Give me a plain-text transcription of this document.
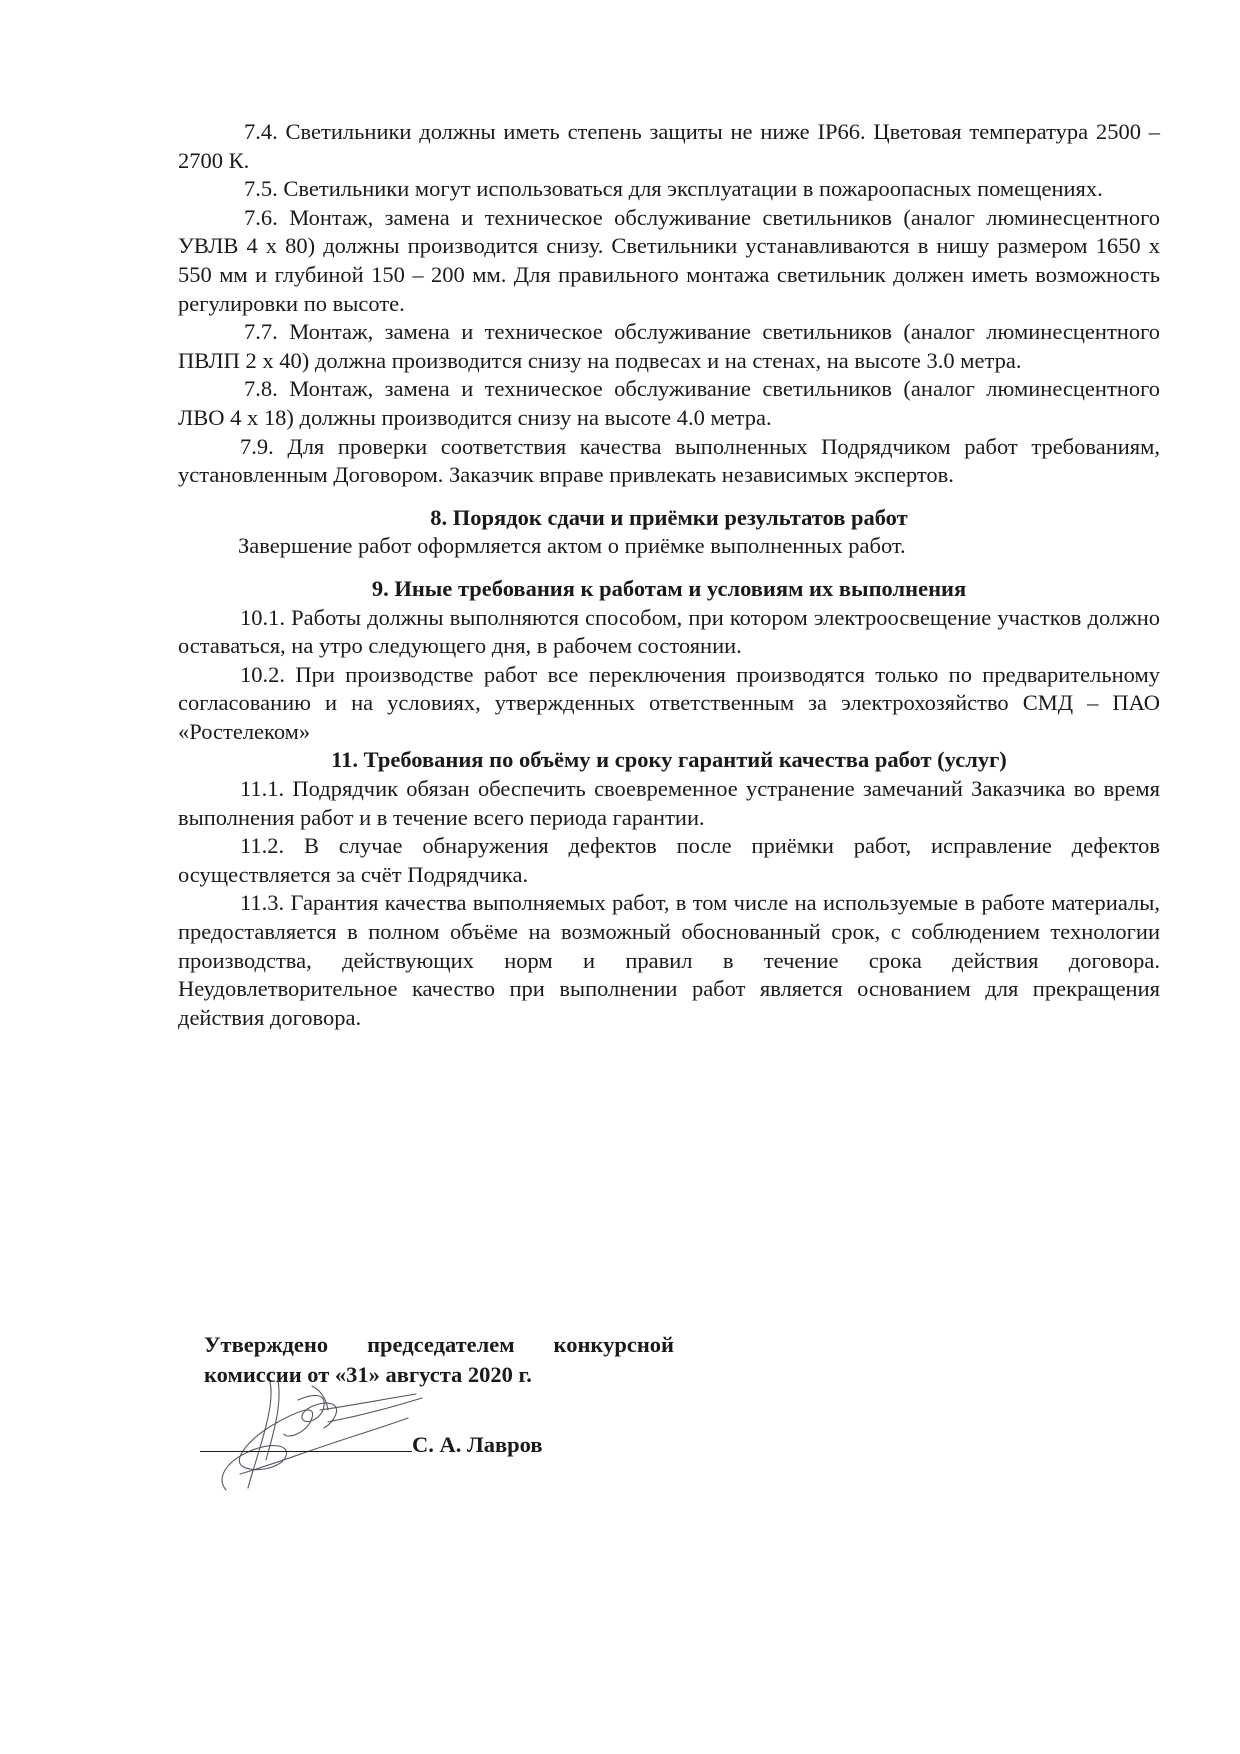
7.4. Светильники должны иметь степень защиты не ниже IP66. Цветовая температура 2500 – 2700 К.

7.5. Светильники могут использоваться для эксплуатации в пожароопасных помещениях.

7.6. Монтаж, замена и техническое обслуживание светильников (аналог люминесцентного УВЛВ 4 х 80) должны производится снизу. Светильники устанавливаются в нишу размером 1650 х 550 мм и глубиной 150 – 200 мм. Для правильного монтажа светильник должен иметь возможность регулировки по высоте.

7.7. Монтаж, замена и техническое обслуживание светильников (аналог люминесцентного ПВЛП 2 х 40) должна производится снизу на подвесах и на стенах, на высоте 3.0 метра.

7.8. Монтаж, замена и техническое обслуживание светильников (аналог люминесцентного ЛВО 4 х 18) должны производится снизу на высоте 4.0 метра.

7.9. Для проверки соответствия качества выполненных Подрядчиком работ требованиям, установленным Договором. Заказчик вправе привлекать независимых экспертов.

8. Порядок сдачи и приёмки результатов работ

Завершение работ оформляется актом о приёмке выполненных работ.

9. Иные требования к работам и условиям их выполнения

10.1. Работы должны выполняются способом, при котором электроосвещение участков должно оставаться, на утро следующего дня, в рабочем состоянии.

10.2. При производстве работ все переключения производятся только по предварительному согласованию и на условиях, утвержденных ответственным за электрохозяйство СМД – ПАО «Ростелеком»

11. Требования по объёму и сроку гарантий качества работ (услуг)

11.1. Подрядчик обязан обеспечить своевременное устранение замечаний Заказчика во время выполнения работ и в течение всего периода гарантии.

11.2. В случае обнаружения дефектов после приёмки работ, исправление дефектов осуществляется за счёт Подрядчика.

11.3. Гарантия качества выполняемых работ, в том числе на используемые в работе материалы, предоставляется в полном объёме на возможный обоснованный срок, с соблюдением технологии производства, действующих норм и правил в течение срока действия договора. Неудовлетворительное качество при выполнении работ является основанием для прекращения действия договора.

Утверждено председателем конкурсной
комиссии от «31» августа 2020 г.
С. А. Лавров
